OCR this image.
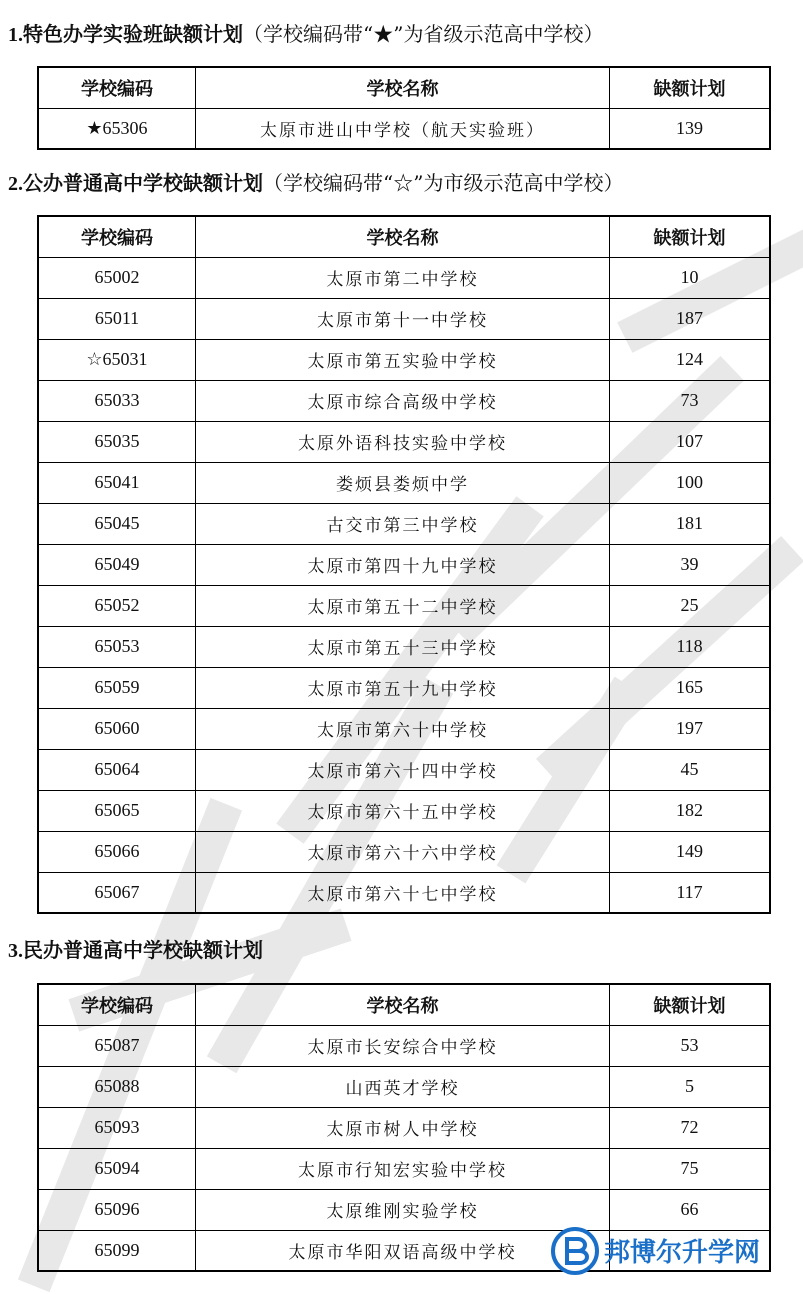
1.特色办学实验班缺额计划（学校编码带“★”为省级示范高中学校）
学校编码	学校名称	缺额计划
★65306	太原市进山中学校（航天实验班）	139
2.公办普通高中学校缺额计划（学校编码带“☆”为市级示范高中学校）
学校编码	学校名称	缺额计划
65002	太原市第二中学校	10
65011	太原市第十一中学校	187
☆65031	太原市第五实验中学校	124
65033	太原市综合高级中学校	73
65035	太原外语科技实验中学校	107
65041	娄烦县娄烦中学	100
65045	古交市第三中学校	181
65049	太原市第四十九中学校	39
65052	太原市第五十二中学校	25
65053	太原市第五十三中学校	118
65059	太原市第五十九中学校	165
65060	太原市第六十中学校	197
65064	太原市第六十四中学校	45
65065	太原市第六十五中学校	182
65066	太原市第六十六中学校	149
65067	太原市第六十七中学校	117
3.民办普通高中学校缺额计划
学校编码	学校名称	缺额计划
65087	太原市长安综合中学校	53
65088	山西英才学校	5
65093	太原市树人中学校	72
65094	太原市行知宏实验中学校	75
65096	太原维刚实验学校	66
65099	太原市华阳双语高级中学校		邦博尔升学网
